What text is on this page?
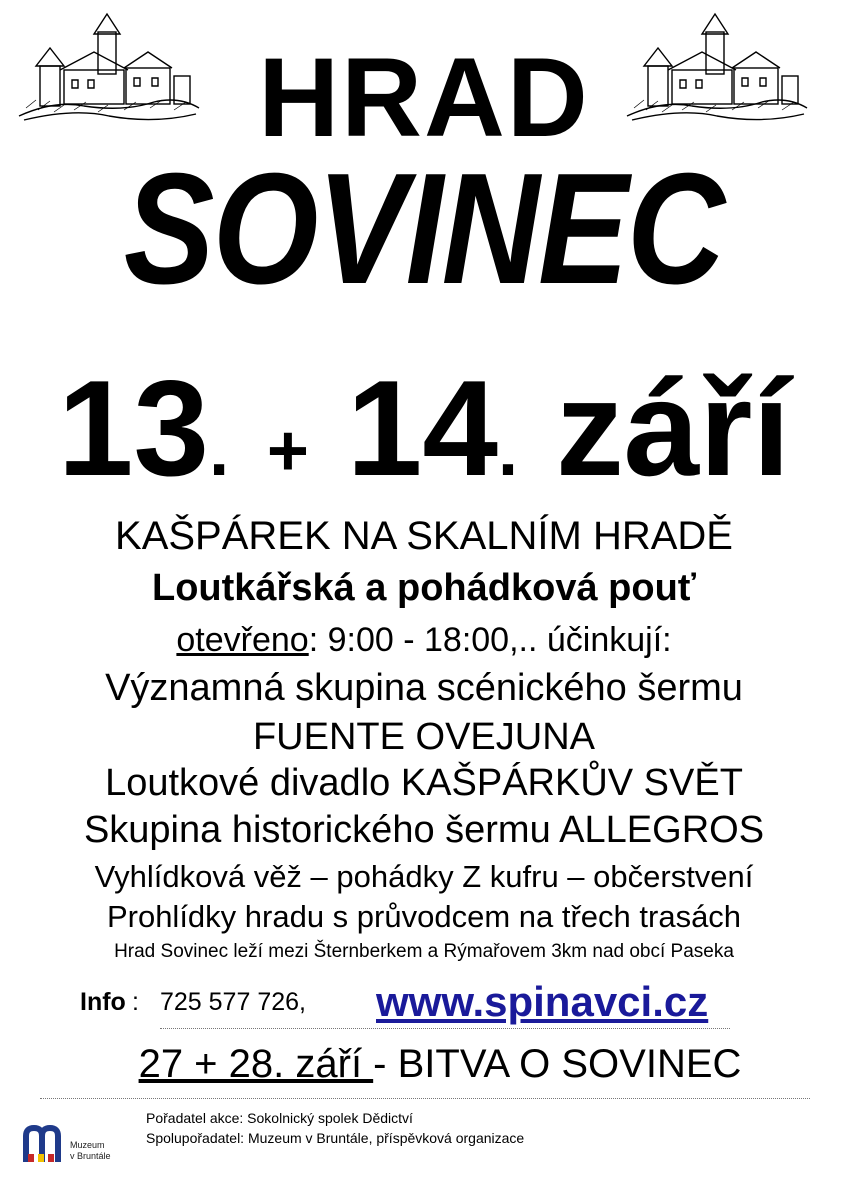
HRAD
SOVINEC
13. + 14. září
KAŠPÁREK NA SKALNÍM HRADĚ
Loutkářská a pohádková pouť
otevřeno: 9:00 - 18:00,.. účinkují:
Významná skupina scénického šermu
FUENTE OVEJUNA
Loutkové divadlo KAŠPÁRKŮV SVĚT
Skupina historického šermu ALLEGROS
Vyhlídková věž – pohádky Z kufru – občerstvení
Prohlídky hradu s průvodcem na třech trasách
Hrad Sovinec leží mezi Šternberkem a Rýmařovem 3km nad obcí Paseka
Info : 725 577 726, www.spinavci.cz
27 + 28. září - BITVA O SOVINEC
Muzeum
v Bruntále
Pořadatel akce: Sokolnický spolek Dědictví
Spolupořadatel: Muzeum v Bruntále, příspěvková organizace
